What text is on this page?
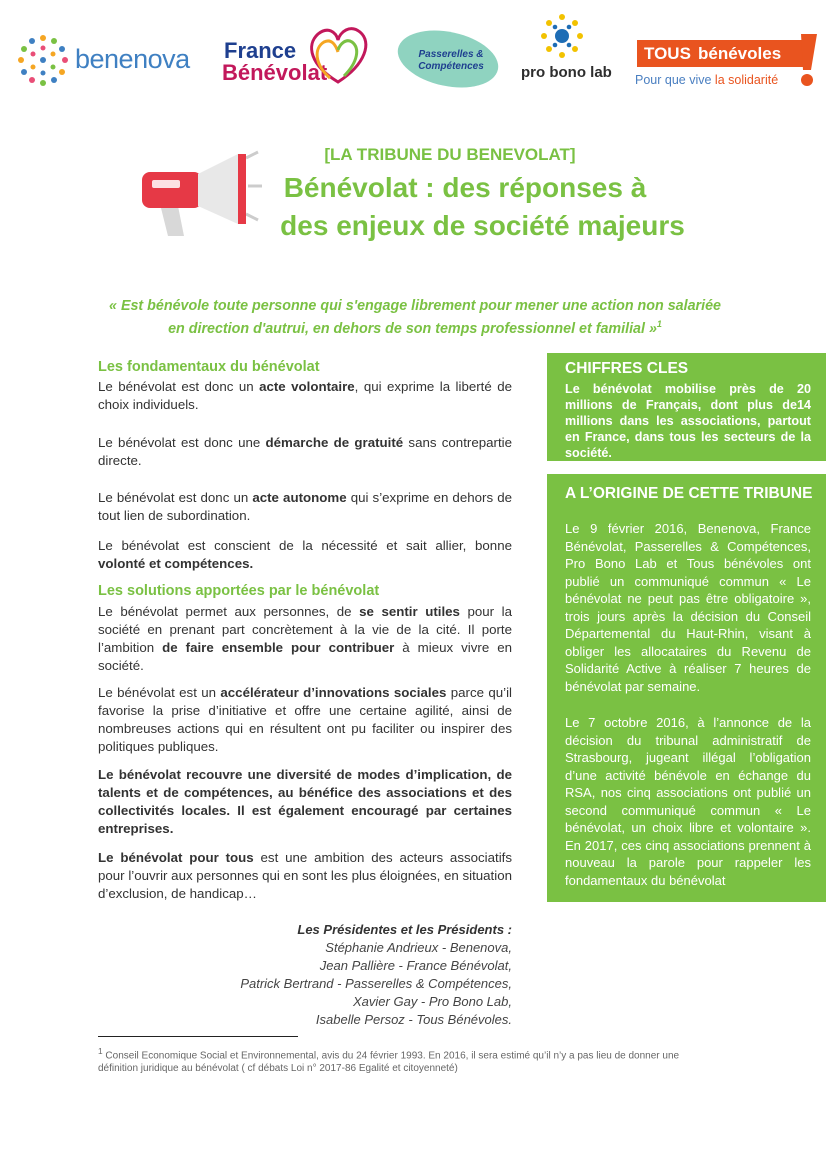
benenova France
Bénévolat
Passerelles & Compétences	pro bono lab
TOUS bénévoles
Pour que vive la solidarité
[LA TRIBUNE DU BENEVOLAT]
Bénévolat : des réponses à
des enjeux de société majeurs
« Est bénévole toute personne qui s'engage librement pour mener une action non salariée en direction d'autrui, en dehors de son temps professionnel et familial »$^1$
Les fondamentaux du bénévolat
Le bénévolat est donc un acte volontaire, qui exprime la liberté de choix individuels.
Le bénévolat est donc une démarche de gratuité sans contrepartie directe.
Le bénévolat est donc un acte autonome qui s’exprime en dehors de tout lien de subordination.
Le bénévolat est conscient de la nécessité et sait allier, bonne volonté et compétences.
Les solutions apportées par le bénévolat
Le bénévolat permet aux personnes, de se sentir utiles pour la société en prenant part concrètement à la vie de la cité. Il porte l’ambition de faire ensemble pour contribuer à mieux vivre en société.
Le bénévolat est un accélérateur d’innovations sociales parce qu’il favorise la prise d’initiative et offre une certaine agilité, ainsi de nombreuses actions qui en résultent ont pu faciliter ou inspirer des politiques publiques.
Le bénévolat recouvre une diversité de modes d’implication, de talents et de compétences, au bénéfice des associations et des collectivités locales. Il est également encouragé par certaines entreprises.
Le bénévolat pour tous est une ambition des acteurs associatifs pour l’ouvrir aux personnes qui en sont les plus éloignées, en situation d’exclusion, de handicap…
Les Présidentes et les Présidents :
Stéphanie Andrieux - Benenova,
Jean Pallière - France Bénévolat,
Patrick Bertrand - Passerelles & Compétences,
Xavier Gay - Pro Bono Lab,
Isabelle Persoz - Tous Bénévoles.
$^1$ Conseil Economique Social et Environnemental, avis du 24 février 1993. En 2016, il sera estimé qu’il n’y a pas lieu de donner une définition juridique au bénévolat ( cf débats Loi n° 2017-86 Egalité et citoyenneté)
CHIFFRES CLES
Le bénévolat mobilise près de 20 millions de Français, dont plus de14 millions dans les associations, partout en France, dans tous les secteurs de la société.
A L’ORIGINE DE CETTE TRIBUNE
Le 9 février 2016, Benenova, France Bénévolat, Passerelles & Compétences, Pro Bono Lab et Tous bénévoles ont publié un communiqué commun « Le bénévolat ne peut pas être obligatoire », trois jours après la décision du Conseil Départemental du Haut-Rhin, visant à obliger les allocataires du Revenu de Solidarité Active à réaliser 7 heures de bénévolat par semaine.
Le 7 octobre 2016, à l’annonce de la décision du tribunal administratif de Strasbourg, jugeant illégal l’obligation d’une activité bénévole en échange du RSA, nos cinq associations ont publié un second communiqué commun « Le bénévolat, un choix libre et volontaire ». En 2017, ces cinq associations prennent à nouveau la parole pour rappeler les fondamentaux du bénévolat
